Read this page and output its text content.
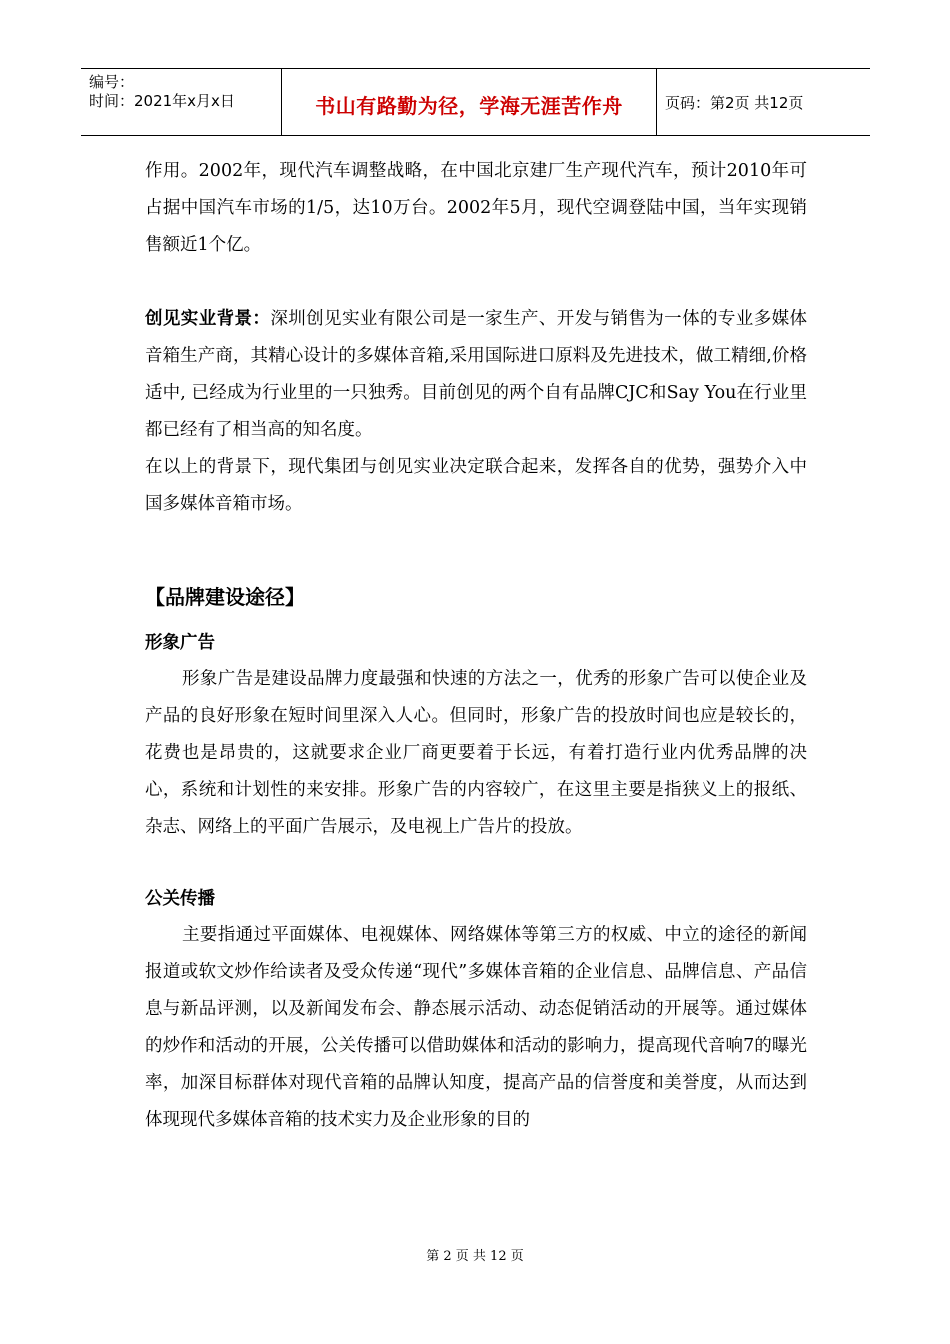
编号：
时间：2021年x月x日	书山有路勤为径，学海无涯苦作舟	页码：第2页 共12页

作用。2002年，现代汽车调整战略，在中国北京建厂生产现代汽车，预计2010年可占据中国汽车市场的1/5，达10万台。2002年5月，现代空调登陆中国，当年实现销售额近1个亿。

创见实业背景：深圳创见实业有限公司是一家生产、开发与销售为一体的专业多媒体音箱生产商，其精心设计的多媒体音箱,采用国际进口原料及先进技术，做工精细,价格适中, 已经成为行业里的一只独秀。目前创见的两个自有品牌CJC和Say You在行业里都已经有了相当高的知名度。

在以上的背景下，现代集团与创见实业决定联合起来，发挥各自的优势，强势介入中国多媒体音箱市场。

【品牌建设途径】

形象广告

形象广告是建设品牌力度最强和快速的方法之一，优秀的形象广告可以使企业及产品的良好形象在短时间里深入人心。但同时，形象广告的投放时间也应是较长的，花费也是昂贵的，这就要求企业厂商更要着于长远，有着打造行业内优秀品牌的决心，系统和计划性的来安排。形象广告的内容较广，在这里主要是指狭义上的报纸、杂志、网络上的平面广告展示，及电视上广告片的投放。

公关传播

主要指通过平面媒体、电视媒体、网络媒体等第三方的权威、中立的途径的新闻报道或软文炒作给读者及受众传递“现代”多媒体音箱的企业信息、品牌信息、产品信息与新品评测，以及新闻发布会、静态展示活动、动态促销活动的开展等。通过媒体的炒作和活动的开展，公关传播可以借助媒体和活动的影响力，提高现代音响7的曝光率，加深目标群体对现代音箱的品牌认知度，提高产品的信誉度和美誉度，从而达到体现现代多媒体音箱的技术实力及企业形象的目的

第 2 页 共 12 页
